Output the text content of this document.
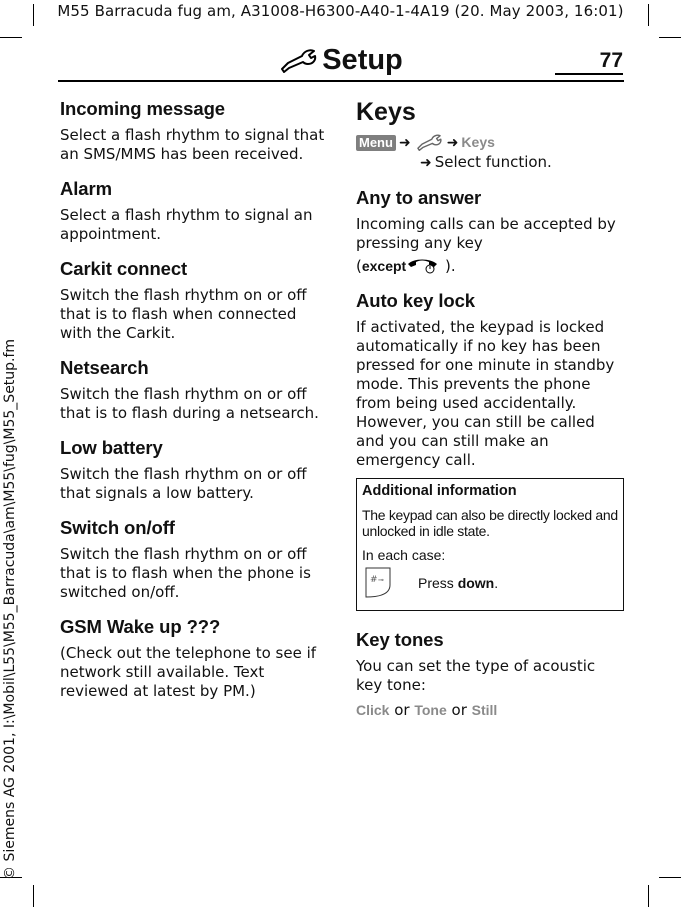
M55 Barracuda fug am, A31008-H6300-A40-1-4A19 (20. May 2003, 16:01)
© Siemens AG 2001, I:\Mobil\L55\M55_Barracuda\am\M55\fug\M55_Setup.fm
Setup	77
Incoming message

Select a flash rhythm to signal that an SMS/MMS has been received.

Alarm

Select a flash rhythm to signal an appointment.

Carkit connect

Switch the flash rhythm on or off that is to flash when connected with the Carkit.

Netsearch

Switch the flash rhythm on or off that is to flash during a netsearch.

Low battery

Switch the flash rhythm on or off that signals a low battery.

Switch on/off

Switch the flash rhythm on or off that is to flash when the phone is switched on/off.

GSM Wake up ???

(Check out the telephone to see if network still available. Text reviewed at latest by PM.)

Keys

Menu ➜	➜ Keys

➜ Select function.

Any to answer

Incoming calls can be accepted by pressing any key

(except ).

Auto key lock

If activated, the keypad is locked automatically if no key has been pressed for one minute in standby mode. This prevents the phone from being used accidentally. However, you can still be called and you can still make an emergency call.

Additional information
The keypad can also be directly locked and unlocked in idle state.
In each case:
# ⊸ Press down.
Key tones

You can set the type of acoustic key tone:

Click or Tone or Still
